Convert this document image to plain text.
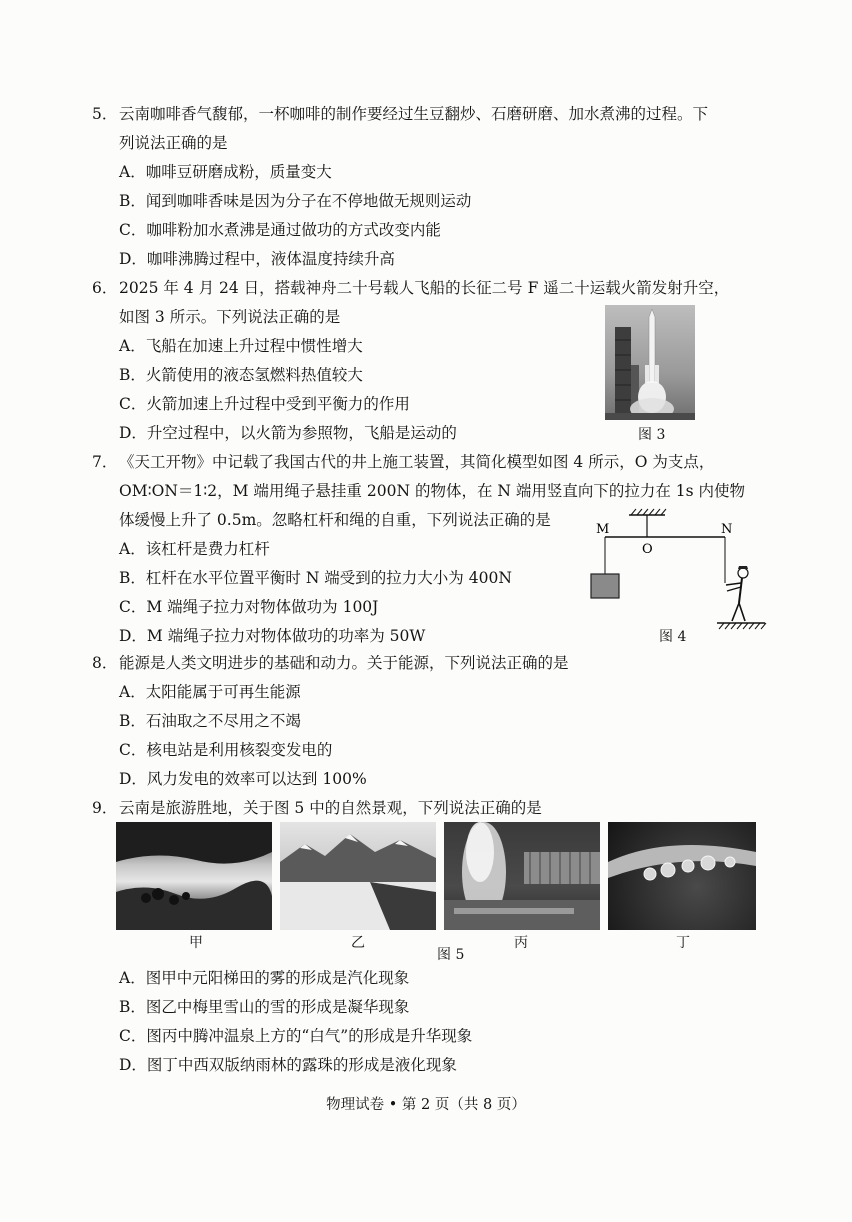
5． 云南咖啡香气馥郁，一杯咖啡的制作要经过生豆翻炒、石磨研磨、加水煮沸的过程。下
列说法正确的是
A．咖啡豆研磨成粉，质量变大
B．闻到咖啡香味是因为分子在不停地做无规则运动
C．咖啡粉加水煮沸是通过做功的方式改变内能
D．咖啡沸腾过程中，液体温度持续升高
6． 2025 年 4 月 24 日，搭载神舟二十号载人飞船的长征二号 F 遥二十运载火箭发射升空，
如图 3 所示。下列说法正确的是
A．飞船在加速上升过程中惯性增大
B．火箭使用的液态氢燃料热值较大
C．火箭加速上升过程中受到平衡力的作用
D．升空过程中，以火箭为参照物，飞船是运动的	图 3
7． 《天工开物》中记载了我国古代的井上施工装置，其简化模型如图 4 所示，O 为支点，
OM∶ON＝1∶2，M 端用绳子悬挂重 200N 的物体，在 N 端用竖直向下的拉力在 1s 内使物
体缓慢上升了 0.5m。忽略杠杆和绳的自重，下列说法正确的是
A．该杠杆是费力杠杆
B．杠杆在水平位置平衡时 N 端受到的拉力大小为 400N
C．M 端绳子拉力对物体做功为 100J
D．M 端绳子拉力对物体做功的功率为 50W
M
O
N
图 4
8． 能源是人类文明进步的基础和动力。关于能源，下列说法正确的是
A．太阳能属于可再生能源
B．石油取之不尽用之不竭
C．核电站是利用核裂变发电的
D．风力发电的效率可以达到 100%
9． 云南是旅游胜地，关于图 5 中的自然景观，下列说法正确的是
甲	乙	丙	丁
图 5
A．图甲中元阳梯田的雾的形成是汽化现象
B．图乙中梅里雪山的雪的形成是凝华现象
C．图丙中腾冲温泉上方的“白气”的形成是升华现象
D．图丁中西双版纳雨林的露珠的形成是液化现象
物理试卷 • 第 2 页（共 8 页）
